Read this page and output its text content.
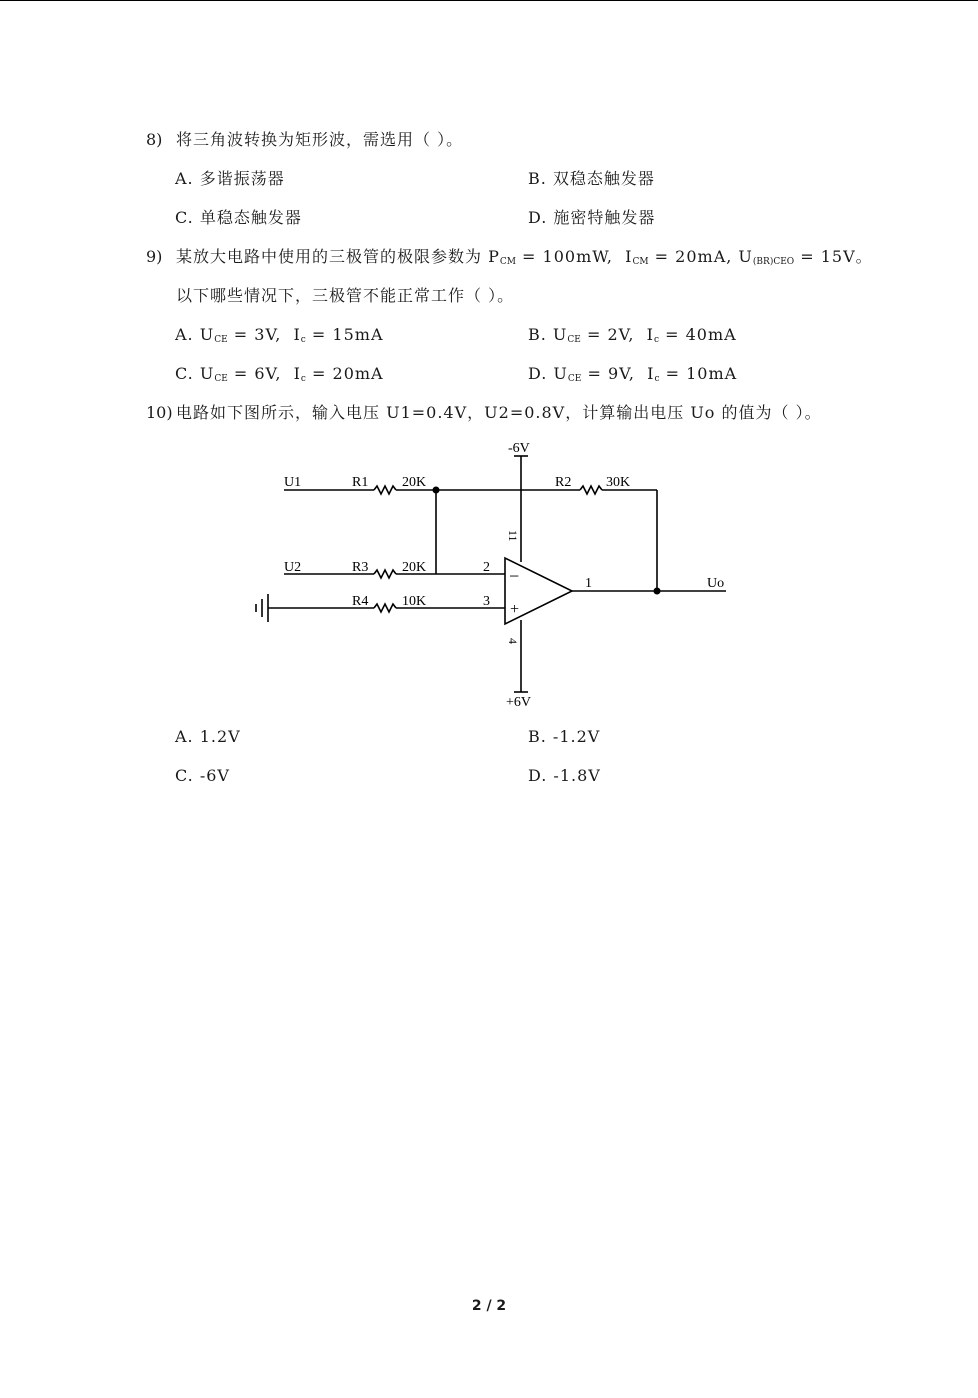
8) 将三角波转换为矩形波，需选用（ ）。
A. 多谐振荡器	B. 双稳态触发器
C. 单稳态触发器	D. 施密特触发器
9) 某放大电路中使用的三极管的极限参数为 $P_{CM} = 100mW$,  $I_{CM} = 20mA$, $U_{(BR)CEO} = 15V$。
以下哪些情况下，三极管不能正常工作（ ）。
A. $U_{CE} = 3V$,  $I_c = 15mA$	B. $U_{CE} = 2V$,  $I_c = 40mA$
C. $U_{CE} = 6V$,  $I_c = 20mA$	D. $U_{CE} = 9V$,  $I_c = 10mA$
10) 电路如下图所示，输入电压 U1=0.4V，U2=0.8V，计算输出电压 Uo 的值为（ ）。
-6V
+6V
U1	R1 20K	R2 30K
U2	R3 20K
R4 10K
2
3
1	Uo
−
+
11
4
A. 1.2V	B. -1.2V
C. -6V	D. -1.8V
2 / 2
